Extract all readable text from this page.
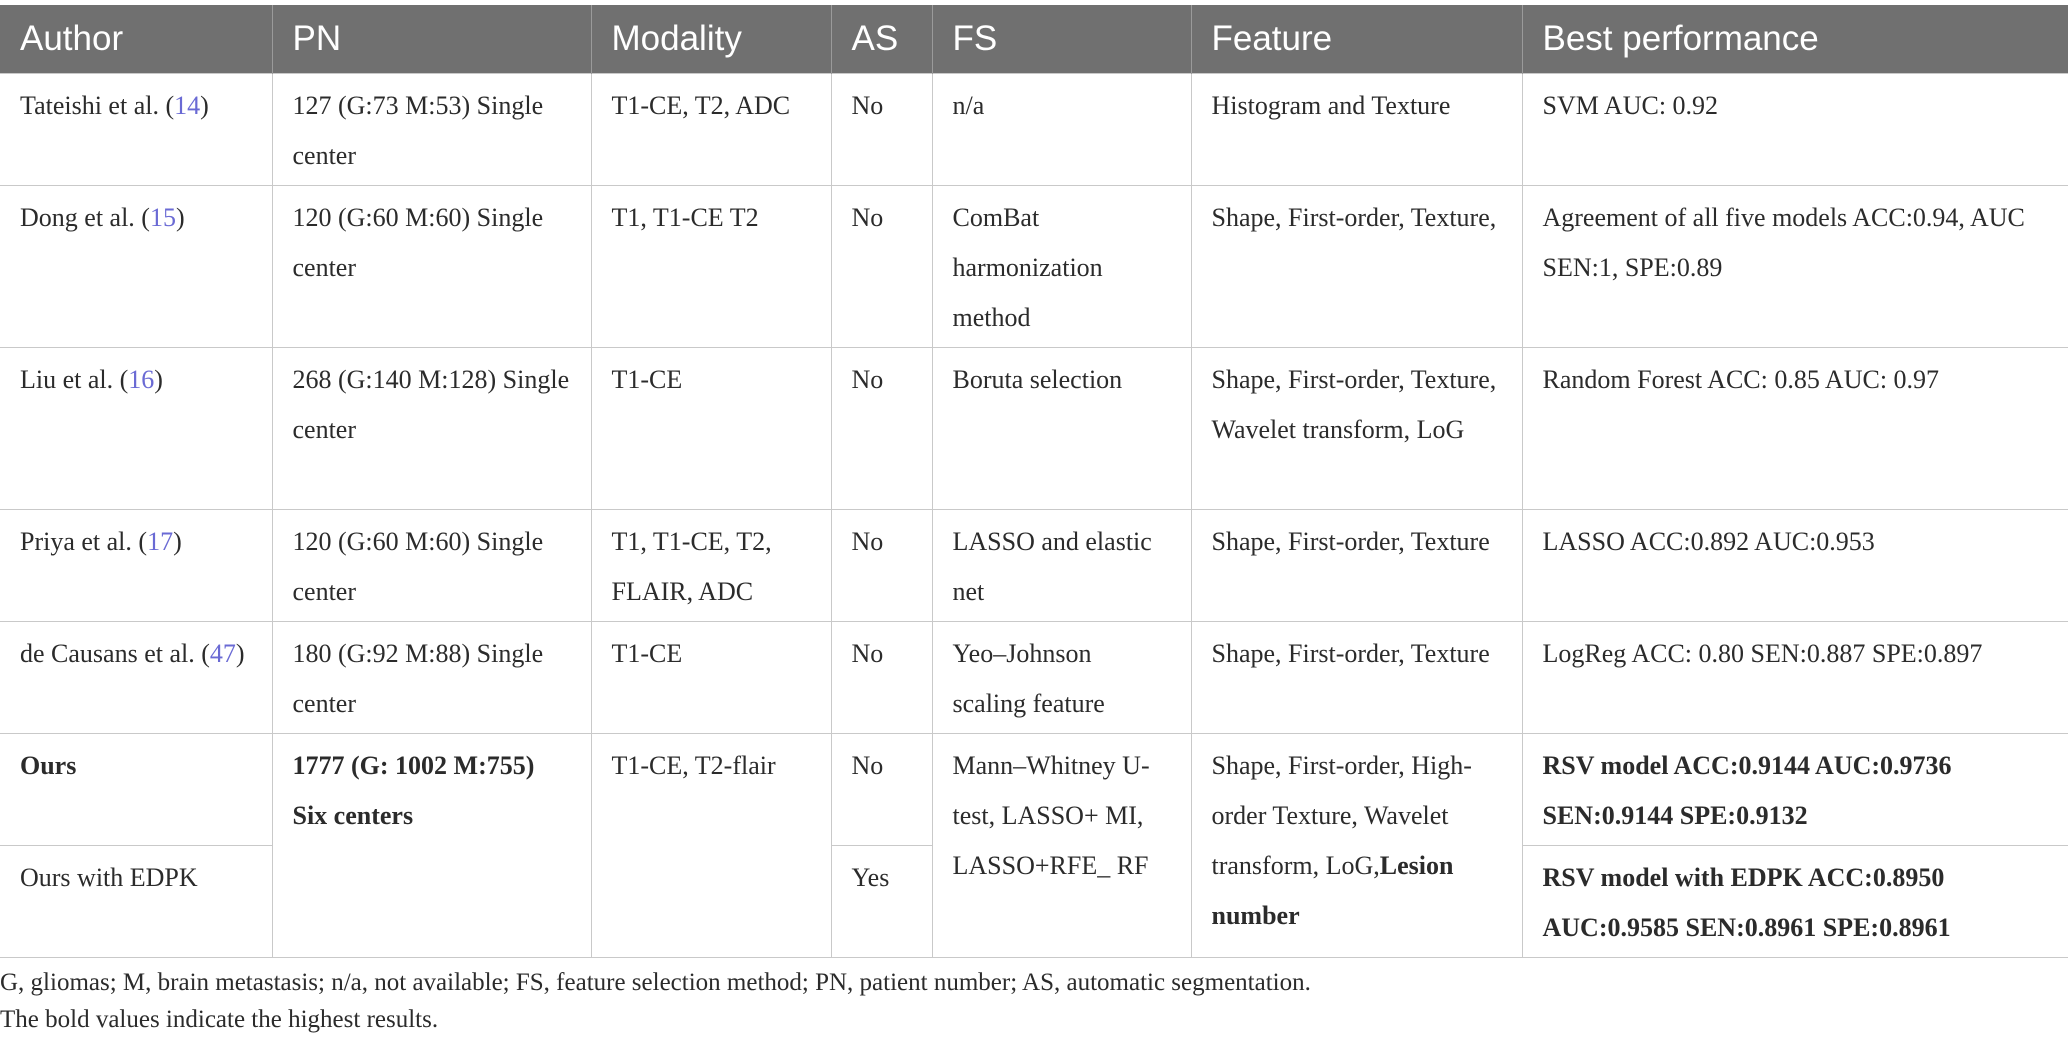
Author	PN	Modality	AS	FS	Feature	Best performance
Tateishi et al. (14)	127 (G:73 M:53) Single center	T1-CE, T2, ADC	No	n/a	Histogram and Texture	SVM AUC: 0.92
Dong et al. (15)	120 (G:60 M:60) Single center	T1, T1-CE T2	No	ComBat harmonization method	Shape, First-order, Texture,	Agreement of all five models ACC:0.94, AUC SEN:1, SPE:0.89
Liu et al. (16)	268 (G:140 M:128) Single center	T1-CE	No	Boruta selection	Shape, First-order, Texture, Wavelet transform, LoG	Random Forest ACC: 0.85 AUC: 0.97
Priya et al. (17)	120 (G:60 M:60) Single center	T1, T1-CE, T2, FLAIR, ADC	No	LASSO and elastic net	Shape, First-order, Texture	LASSO ACC:0.892 AUC:0.953
de Causans et al. (47)	180 (G:92 M:88) Single center	T1-CE	No	Yeo–Johnson scaling feature	Shape, First-order, Texture	LogReg ACC: 0.80 SEN:0.887 SPE:0.897
Ours	1777 (G: 1002 M:755) Six centers	T1-CE, T2-flair	No	Mann–Whitney U-test, LASSO+ MI, LASSO+RFE_ RF	Shape, First-order, High-order Texture, Wavelet transform, LoG,Lesion number	RSV model ACC:0.9144 AUC:0.9736 SEN:0.9144 SPE:0.9132
Ours with EDPK			Yes			RSV model with EDPK ACC:0.8950 AUC:0.9585 SEN:0.8961 SPE:0.8961
G, gliomas; M, brain metastasis; n/a, not available; FS, feature selection method; PN, patient number; AS, automatic segmentation.
The bold values indicate the highest results.
